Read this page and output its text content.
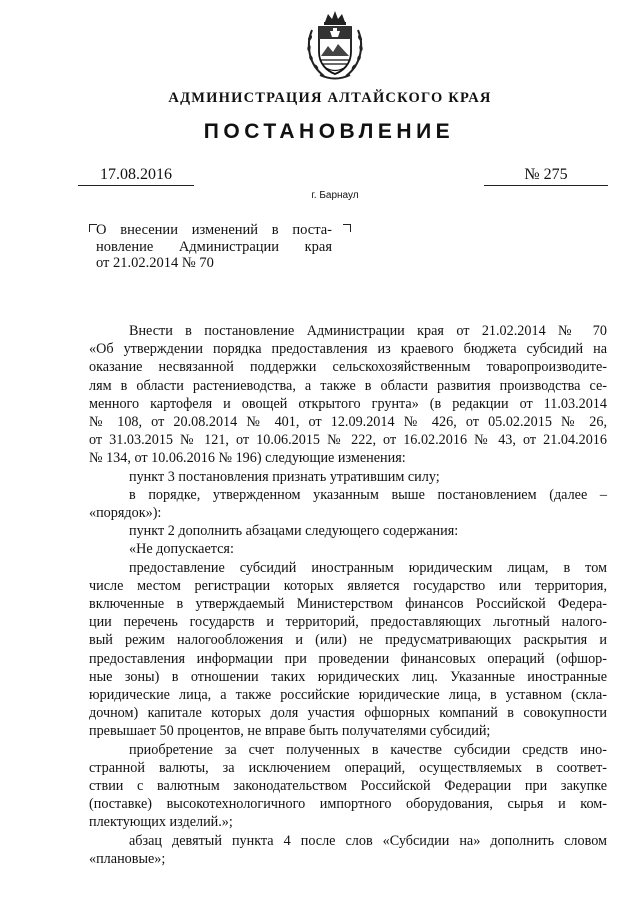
АДМИНИСТРАЦИЯ АЛТАЙСКОГО КРАЯ
ПОСТАНОВЛЕНИЕ
17.08.2016	№ 275
г. Барнаул
О внесении изменений в поста-
новление Администрации края
от 21.02.2014 № 70
Внести в постановление Администрации края от 21.02.2014 № 70
«Об утверждении порядка предоставления из краевого бюджета субсидий на
оказание несвязанной поддержки сельскохозяйственным товаропроизводите-
лям в области растениеводства, а также в области развития производства се-
менного картофеля и овощей открытого грунта» (в редакции от 11.03.2014
№ 108, от 20.08.2014 № 401, от 12.09.2014 № 426, от 05.02.2015 № 26,
от 31.03.2015 № 121, от 10.06.2015 № 222, от 16.02.2016 № 43, от 21.04.2016
№ 134, от 10.06.2016 № 196) следующие изменения:
пункт 3 постановления признать утратившим силу;
в порядке, утвержденном указанным выше постановлением (далее –
«порядок»):
пункт 2 дополнить абзацами следующего содержания:
«Не допускается:
предоставление субсидий иностранным юридическим лицам, в том
числе местом регистрации которых является государство или территория,
включенные в утверждаемый Министерством финансов Российской Федера-
ции перечень государств и территорий, предоставляющих льготный налого-
вый режим налогообложения и (или) не предусматривающих раскрытия и
предоставления информации при проведении финансовых операций (офшор-
ные зоны) в отношении таких юридических лиц. Указанные иностранные
юридические лица, а также российские юридические лица, в уставном (скла-
дочном) капитале которых доля участия офшорных компаний в совокупности
превышает 50 процентов, не вправе быть получателями субсидий;
приобретение за счет полученных в качестве субсидии средств ино-
странной валюты, за исключением операций, осуществляемых в соответ-
ствии с валютным законодательством Российской Федерации при закупке
(поставке) высокотехнологичного импортного оборудования, сырья и ком-
плектующих изделий.»;
абзац девятый пункта 4 после слов «Субсидии на» дополнить словом
«плановые»;
